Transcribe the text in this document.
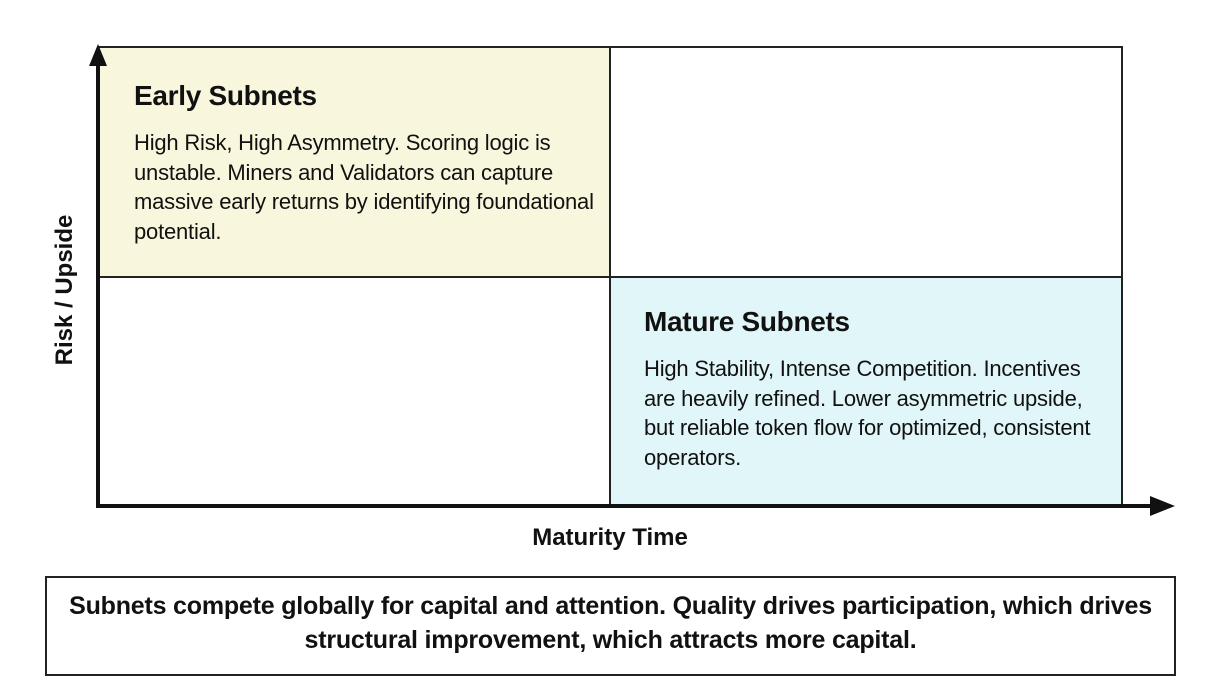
Early Subnets
High Risk, High Asymmetry. Scoring logic is unstable. Miners and Validators can capture massive early returns by identifying foundational potential.
Mature Subnets
High Stability, Intense Competition. Incentives are heavily refined. Lower asymmetric upside, but reliable token flow for optimized, consistent operators.
Risk / Upside
Maturity Time
Subnets compete globally for capital and attention. Quality drives participation, which drives structural improvement, which attracts more capital.
